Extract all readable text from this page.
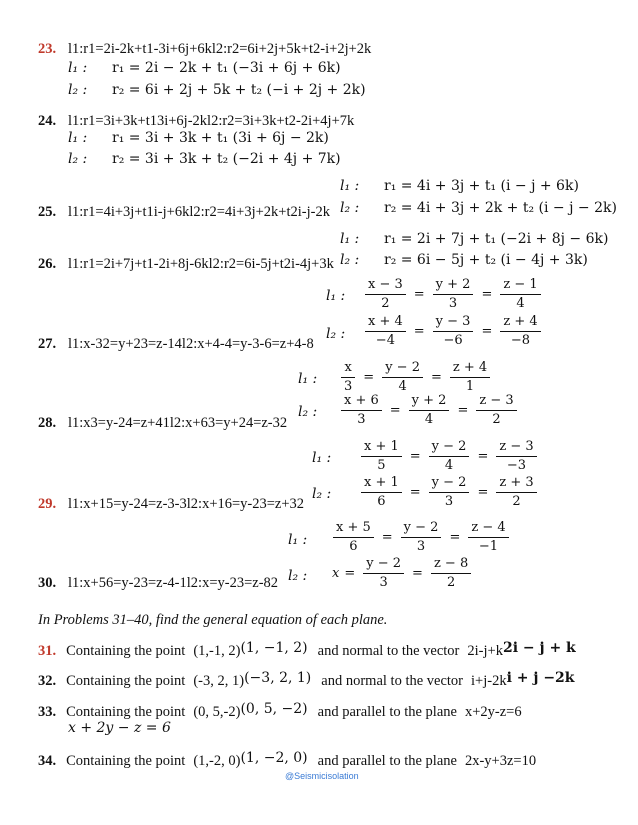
23. l1:r1=2i-2k+t1-3i+6j+6kl2:r2=6i+2j+5k+t2-i+2j+2k
l₁ : r₁ = 2i − 2k + t₁ (−3i + 6j + 6k)
l₂ : r₂ = 6i + 2j + 5k + t₂ (−i + 2j + 2k)
24. l1:r1=3i+3k+t13i+6j-2kl2:r2=3i+3k+t2-2i+4j+7k
l₁ : r₁ = 3i + 3k + t₁ (3i + 6j − 2k)
l₂ : r₂ = 3i + 3k + t₂ (−2i + 4j + 7k)
l₁ : r₁ = 4i + 3j + t₁ (i − j + 6k)
25. l1:r1=4i+3j+t1i-j+6kl2:r2=4i+3j+2k+t2i-j-2k l₂ : r₂ = 4i + 3j + 2k + t₂ (i − j − 2k)
l₁ : r₁ = 2i + 7j + t₁ (−2i + 8j − 6k)
26. l1:r1=2i+7j+t1-2i+8j-6kl2:r2=6i-5j+t2i-4j+3k l₂ : r₂ = 6i − 5j + t₂ (i − 4j + 3k)
l₁ : $\frac{x - 3}{2} = \frac{y + 2}{3} = \frac{z - 1}{4}$
l₂ : $\frac{x + 4}{-4} = \frac{y - 3}{-6} = \frac{z + 4}{-8}$
27. l1:x-32=y+23=z-14l2:x+4-4=y-3-6=z+4-8
l₁ : $\frac{x}{3} = \frac{y - 2}{4} = \frac{z + 4}{1}$
l₂ : $\frac{x + 6}{3} = \frac{y + 2}{4} = \frac{z - 3}{2}$
28. l1:x3=y-24=z+41l2:x+63=y+24=z-32
l₁ : $\frac{x + 1}{5} = \frac{y - 2}{4} = \frac{z - 3}{-3}$
l₂ : $\frac{x + 1}{6} = \frac{y - 2}{3} = \frac{z + 3}{2}$
29. l1:x+15=y-24=z-3-3l2:x+16=y-23=z+32
l₁ : $\frac{x + 5}{6} = \frac{y - 2}{3} = \frac{z - 4}{-1}$
l₂ : $x = \frac{y - 2}{3} = \frac{z - 8}{2}$
30. l1:x+56=y-23=z-4-1l2:x=y-23=z-82
In Problems 31–40, find the general equation of each plane.
31. Containing the point (1,-1, 2)(1, −1, 2) and normal to the vector 2i-j+k2i − j + k
32. Containing the point (-3, 2, 1)(−3, 2, 1) and normal to the vector i+j-2ki + j −2k
33. Containing the point (0, 5,-2)(0, 5, −2) and parallel to the plane x+2y-z=6
x + 2y − z = 6
34. Containing the point (1,-2, 0)(1, −2, 0) and parallel to the plane 2x-y+3z=10
@Seismicisolation
